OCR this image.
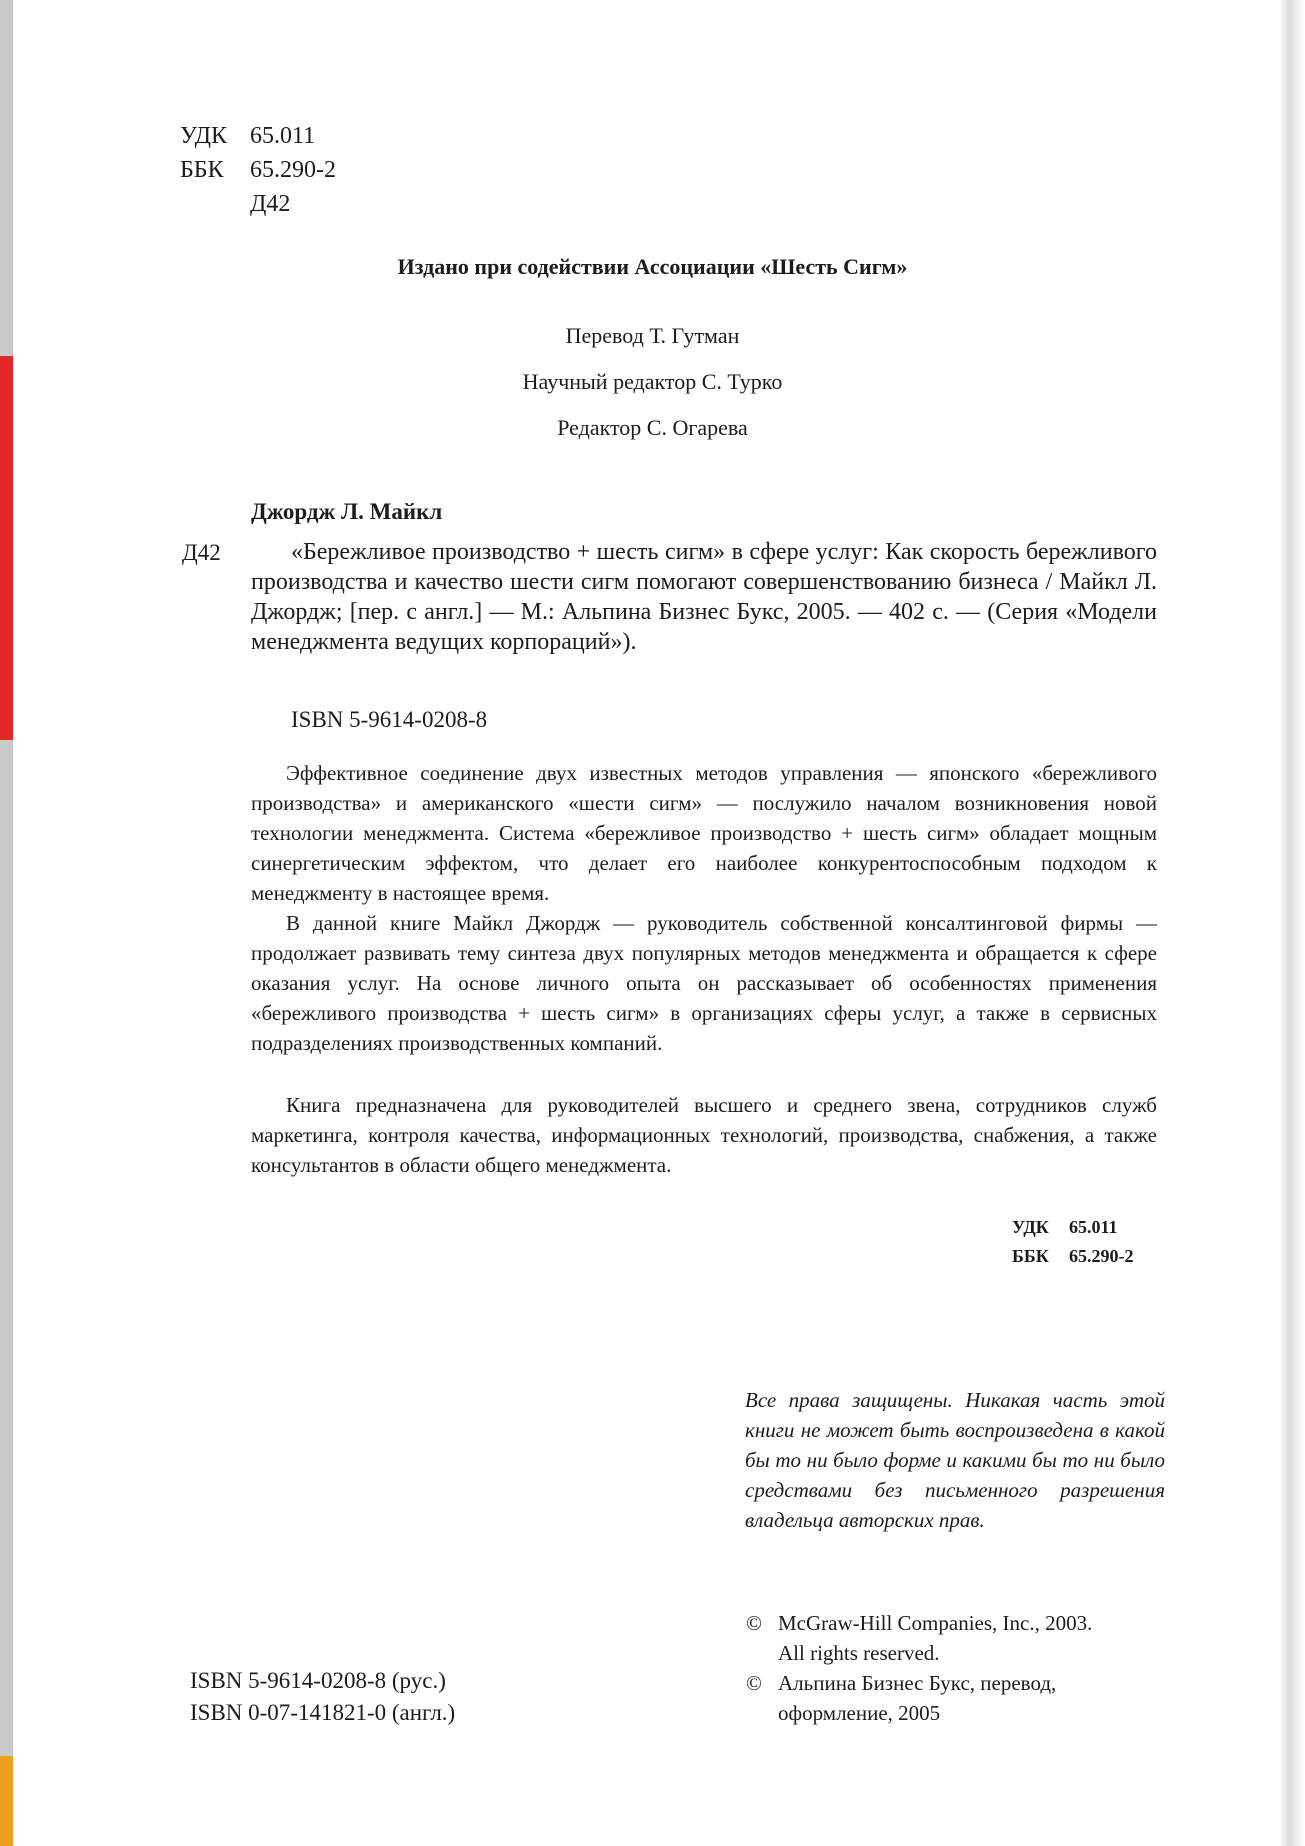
УДК 65.011
ББК 65.290-2
Д42
Издано при содействии Ассоциации «Шесть Сигм»
Перевод Т. Гутман
Научный редактор С. Турко
Редактор С. Огарева
Джордж Л. Майкл
Д42	«Бережливое производство + шесть сигм» в сфере услуг: Как скорость бережливого производства и качество шести сигм помогают совершенствованию бизнеса / Майкл Л. Джордж; [пер. с англ.] — М.: Альпина Бизнес Букс, 2005. — 402 с. — (Серия «Модели менеджмента ведущих корпораций»).

ISBN 5-9614-0208-8

Эффективное соединение двух известных методов управления — японского «бережливого производства» и американского «шести сигм» — послужило началом возникновения новой технологии менеджмента. Система «бережливое производство + шесть сигм» обладает мощным синергетическим эффектом, что делает его наиболее конкурентоспособным подходом к менеджменту в настоящее время.

В данной книге Майкл Джордж — руководитель собственной консалтинговой фирмы — продолжает развивать тему синтеза двух популярных методов менеджмента и обращается к сфере оказания услуг. На основе личного опыта он рассказывает об особенностях применения «бережливого производства + шесть сигм» в организациях сферы услуг, а также в сервисных подразделениях производственных компаний.

Книга предназначена для руководителей высшего и среднего звена, сотрудников служб маркетинга, контроля качества, информационных технологий, производства, снабжения, а также консультантов в области общего менеджмента.

УДК 65.011
ББК 65.290-2

Все права защищены. Никакая часть этой книги не может быть воспроизведена в какой бы то ни было форме и какими бы то ни было средствами без письменного разрешения владельца авторских прав.

© McGraw-Hill Companies, Inc., 2003.
All rights reserved.
© Альпина Бизнес Букс, перевод,
оформление, 2005
ISBN 5-9614-0208-8 (рус.)
ISBN 0-07-141821-0 (англ.)
